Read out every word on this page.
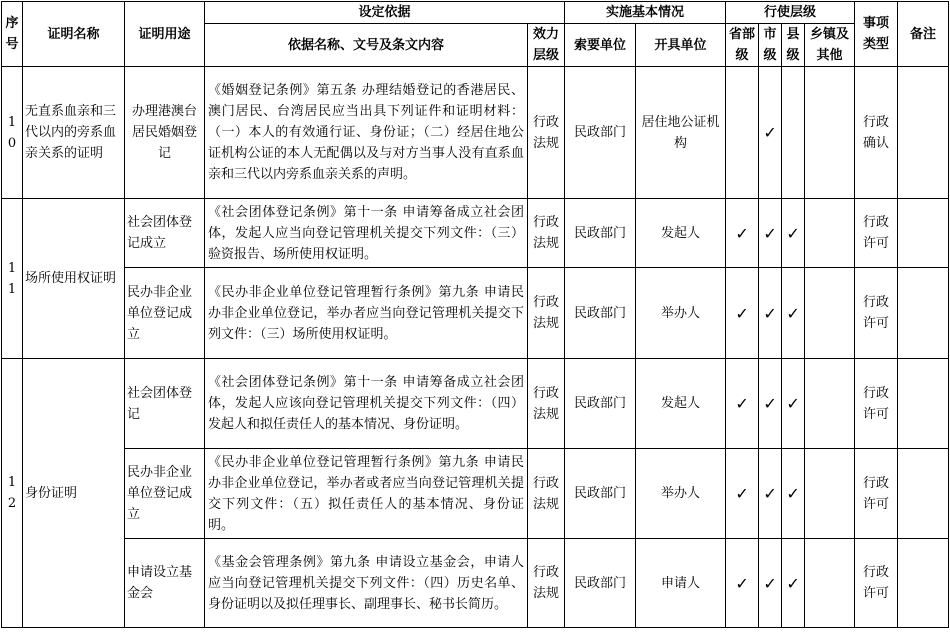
序号	证明名称	证明用途	设定依据		实施基本情况		行使层级				事项类型	备注
			依据名称、文号及条文内容	效力层级	索要单位	开具单位	省部级	市级	县级	乡镇及其他		
10	无直系血亲和三代以内的旁系血亲关系的证明	办理港澳台居民婚姻登记	《婚姻登记条例》第五条 办理结婚登记的香港居民、澳门居民、台湾居民应当出具下列证件和证明材料：（一）本人的有效通行证、身份证；（二）经居住地公证机构公证的本人无配偶以及与对方当事人没有直系血亲和三代以内旁系血亲关系的声明。	行政法规	民政部门	居住地公证机构		✓			行政确认	
11	场所使用权证明	社会团体登记成立	《社会团体登记条例》第十一条 申请筹备成立社会团体，发起人应当向登记管理机关提交下列文件：（三）验资报告、场所使用权证明。	行政法规	民政部门	发起人	✓	✓	✓		行政许可	
		民办非企业单位登记成立	《民办非企业单位登记管理暂行条例》第九条 申请民办非企业单位登记，举办者应当向登记管理机关提交下列文件：（三）场所使用权证明。	行政法规	民政部门	举办人	✓	✓	✓		行政许可	
12	身份证明	社会团体登记	《社会团体登记条例》第十一条 申请筹备成立社会团体，发起人应该向登记管理机关提交下列文件：（四）发起人和拟任责任人的基本情况、身份证明。	行政法规	民政部门	发起人	✓	✓	✓		行政许可	
		民办非企业单位登记成立	《民办非企业单位登记管理暂行条例》第九条 申请民办非企业单位登记，举办者或者应当向登记管理机关提交下列文件：（五）拟任责任人的基本情况、身份证明。	行政法规	民政部门	举办人	✓	✓	✓		行政许可	
		申请设立基金会	《基金会管理条例》第九条 申请设立基金会，申请人应当向登记管理机关提交下列文件：（四）历史名单、身份证明以及拟任理事长、副理事长、秘书长简历。	行政法规	民政部门	申请人	✓	✓	✓		行政许可	
